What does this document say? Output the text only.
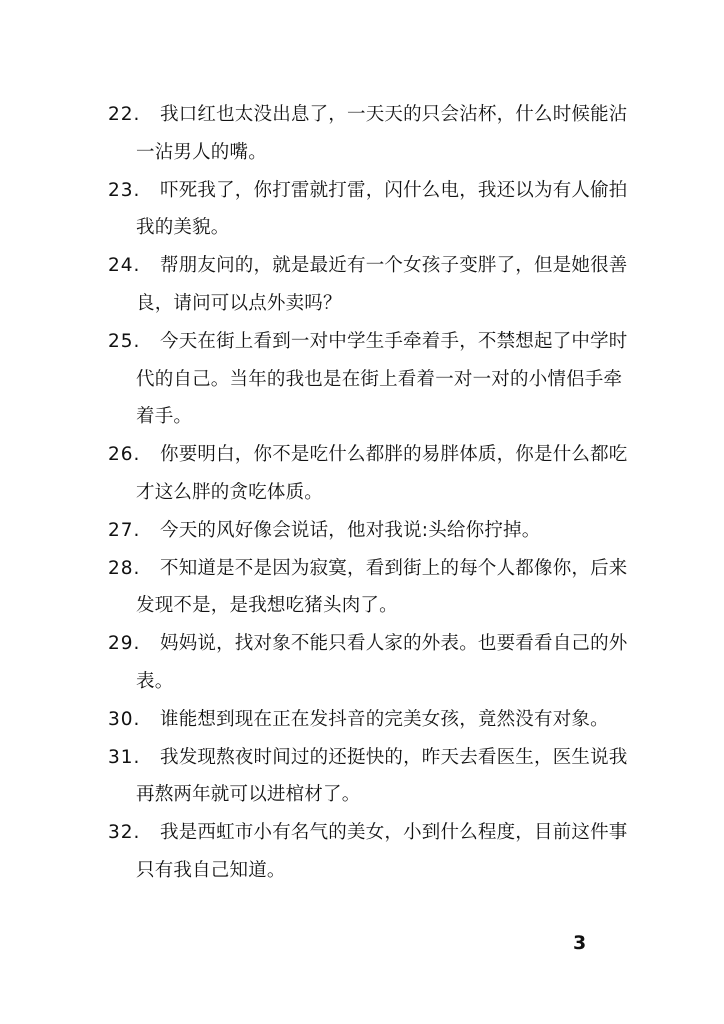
22.	我口红也太没出息了，一天天的只会沾杯，什么时候能沾一沾男人的嘴。
23.	吓死我了，你打雷就打雷，闪什么电，我还以为有人偷拍我的美貌。
24.	帮朋友问的，就是最近有一个女孩子变胖了，但是她很善良，请问可以点外卖吗？
25.	今天在街上看到一对中学生手牵着手，不禁想起了中学时代的自己。当年的我也是在街上看着一对一对的小情侣手牵着手。
26.	你要明白，你不是吃什么都胖的易胖体质，你是什么都吃才这么胖的贪吃体质。
27.	今天的风好像会说话，他对我说:头给你拧掉。
28.	不知道是不是因为寂寞，看到街上的每个人都像你，后来发现不是，是我想吃猪头肉了。
29.	妈妈说，找对象不能只看人家的外表。也要看看自己的外表。
30.	谁能想到现在正在发抖音的完美女孩，竟然没有对象。
31.	我发现熬夜时间过的还挺快的，昨天去看医生，医生说我再熬两年就可以进棺材了。
32.	我是西虹市小有名气的美女，小到什么程度，目前这件事只有我自己知道。
3
